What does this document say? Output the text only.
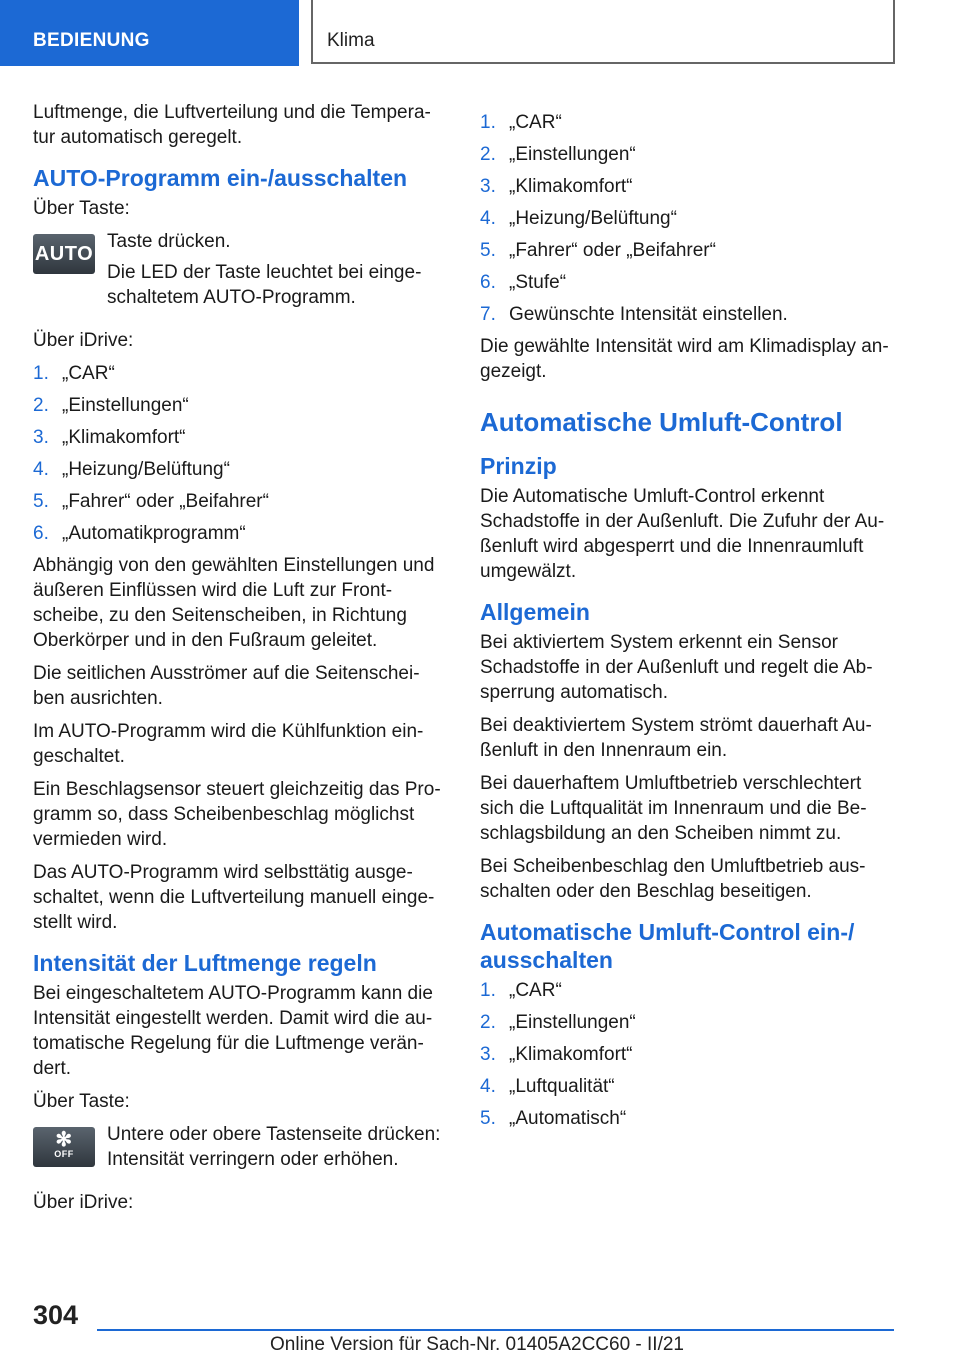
BEDIENUNG	Klima

Luftmenge, die Luftverteilung und die Tempera-tur automatisch geregelt.

AUTO-Programm ein-/ausschalten

Über Taste:

AUTO

Taste drücken.

Die LED der Taste leuchtet bei einge-schaltetem AUTO-Programm.

Über iDrive:

1. „CAR“
2. „Einstellungen“
3. „Klimakomfort“
4. „Heizung/Belüftung“
5. „Fahrer“ oder „Beifahrer“
6. „Automatikprogramm“

Abhängig von den gewählten Einstellungen und äußeren Einflüssen wird die Luft zur Front-scheibe, zu den Seitenscheiben, in Richtung Oberkörper und in den Fußraum geleitet.

Die seitlichen Ausströmer auf die Seitenschei-ben ausrichten.

Im AUTO-Programm wird die Kühlfunktion ein-geschaltet.

Ein Beschlagsensor steuert gleichzeitig das Pro-gramm so, dass Scheibenbeschlag möglichst vermieden wird.

Das AUTO-Programm wird selbsttätig ausge-schaltet, wenn die Luftverteilung manuell einge-stellt wird.

Intensität der Luftmenge regeln

Bei eingeschaltetem AUTO-Programm kann die Intensität eingestellt werden. Damit wird die au-tomatische Regelung für die Luftmenge verän-dert.

Über Taste:

✻
OFF

Untere oder obere Tastenseite drücken: Intensität verringern oder erhöhen.

Über iDrive:

1. „CAR“
2. „Einstellungen“
3. „Klimakomfort“
4. „Heizung/Belüftung“
5. „Fahrer“ oder „Beifahrer“
6. „Stufe“
7. Gewünschte Intensität einstellen.

Die gewählte Intensität wird am Klimadisplay an-gezeigt.

Automatische Umluft-Control
Prinzip

Die Automatische Umluft-Control erkennt Schadstoffe in der Außenluft. Die Zufuhr der Au-ßenluft wird abgesperrt und die Innenraumluft umgewälzt.

Allgemein

Bei aktiviertem System erkennt ein Sensor Schadstoffe in der Außenluft und regelt die Ab-sperrung automatisch.

Bei deaktiviertem System strömt dauerhaft Au-ßenluft in den Innenraum ein.

Bei dauerhaftem Umluftbetrieb verschlechtert sich die Luftqualität im Innenraum und die Be-schlagsbildung an den Scheiben nimmt zu.

Bei Scheibenbeschlag den Umluftbetrieb aus-schalten oder den Beschlag beseitigen.

Automatische Umluft-Control ein-/ ausschalten
1. „CAR“
2. „Einstellungen“
3. „Klimakomfort“
4. „Luftqualität“
5. „Automatisch“
304
Online Version für Sach-Nr. 01405A2CC60 - II/21
